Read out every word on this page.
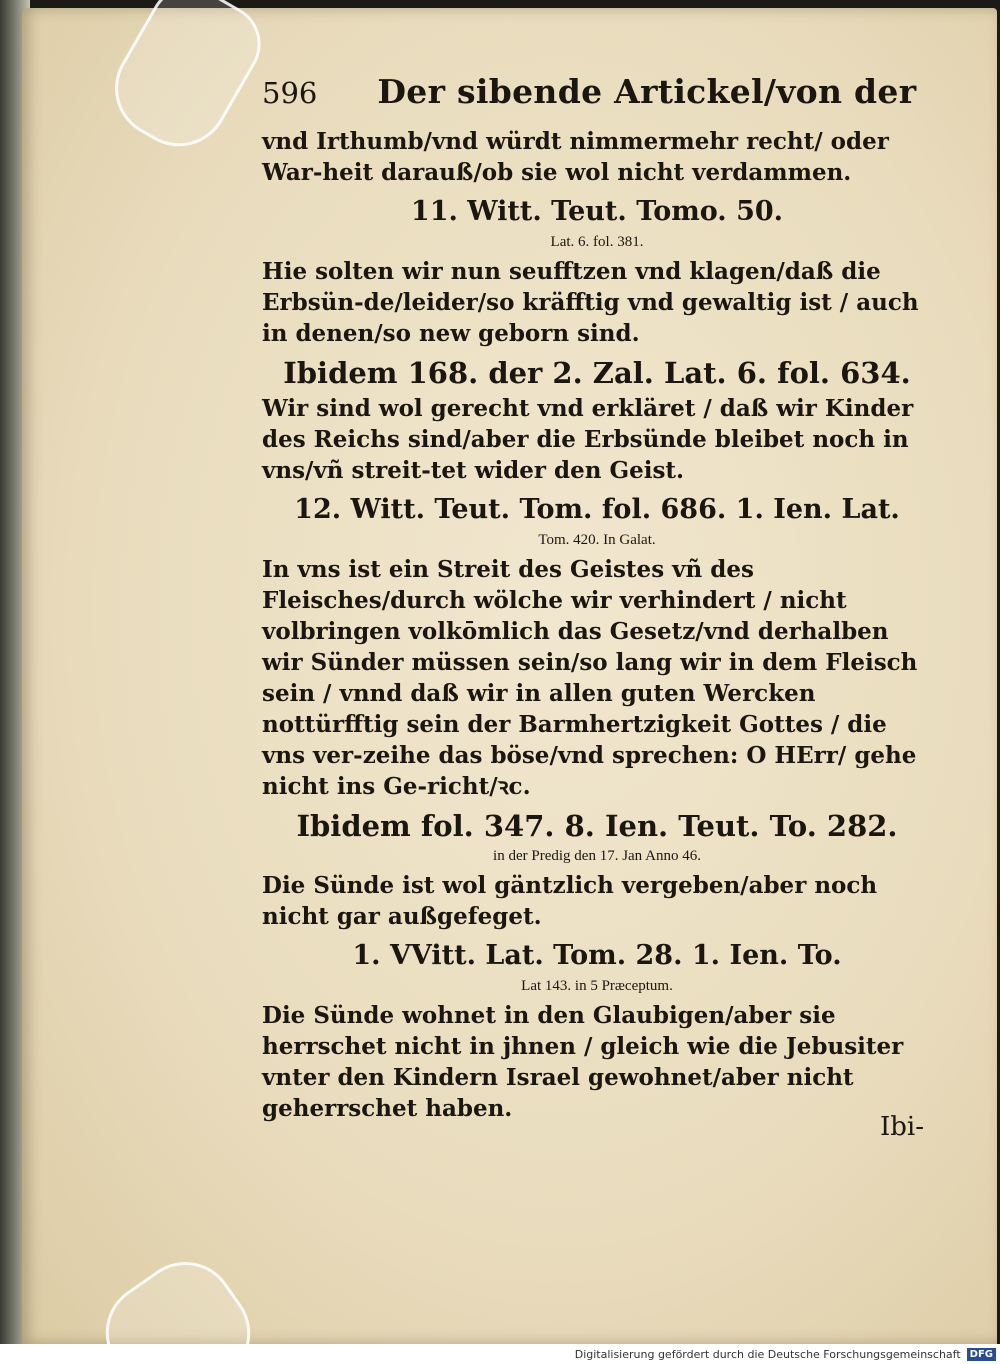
596 Der sibende Artickel/von der

vnd Irthumb/vnd würdt nimmermehr recht/ oder War-heit darauß/ob sie wol nicht verdammen.

11. Witt. Teut. Tomo. 50.
Lat. 6. fol. 381.

Hie solten wir nun seufftzen vnd klagen/daß die Erbsün-de/leider/so kräfftig vnd gewaltig ist / auch in denen/so new geborn sind.

Ibidem 168. der 2. Zal. Lat. 6. fol. 634.

Wir sind wol gerecht vnd erkläret / daß wir Kinder des Reichs sind/aber die Erbsünde bleibet noch in vns/vñ streit-tet wider den Geist.

12. Witt. Teut. Tom. fol. 686. 1. Ien. Lat.
Tom. 420. In Galat.

In vns ist ein Streit des Geistes vñ des Fleisches/durch wölche wir verhindert / nicht volbringen volkōmlich das Gesetz/vnd derhalben wir Sünder müssen sein/so lang wir in dem Fleisch sein / vnnd daß wir in allen guten Wercken nottürfftig sein der Barmhertzigkeit Gottes / die vns ver-zeihe das böse/vnd sprechen: O HErr/ gehe nicht ins Ge-richt/ꝛc.

Ibidem fol. 347. 8. Ien. Teut. To. 282.
in der Predig den 17. Jan Anno 46.

Die Sünde ist wol gäntzlich vergeben/aber noch nicht gar außgefeget.

1. VVitt. Lat. Tom. 28. 1. Ien. To.
Lat 143. in 5 Præceptum.

Die Sünde wohnet in den Glaubigen/aber sie herrschet nicht in jhnen / gleich wie die Jebusiter vnter den Kindern Israel gewohnet/aber nicht geherrschet haben.

Ibi-
Digitalisierung gefördert durch die Deutsche Forschungsgemeinschaft DFG
